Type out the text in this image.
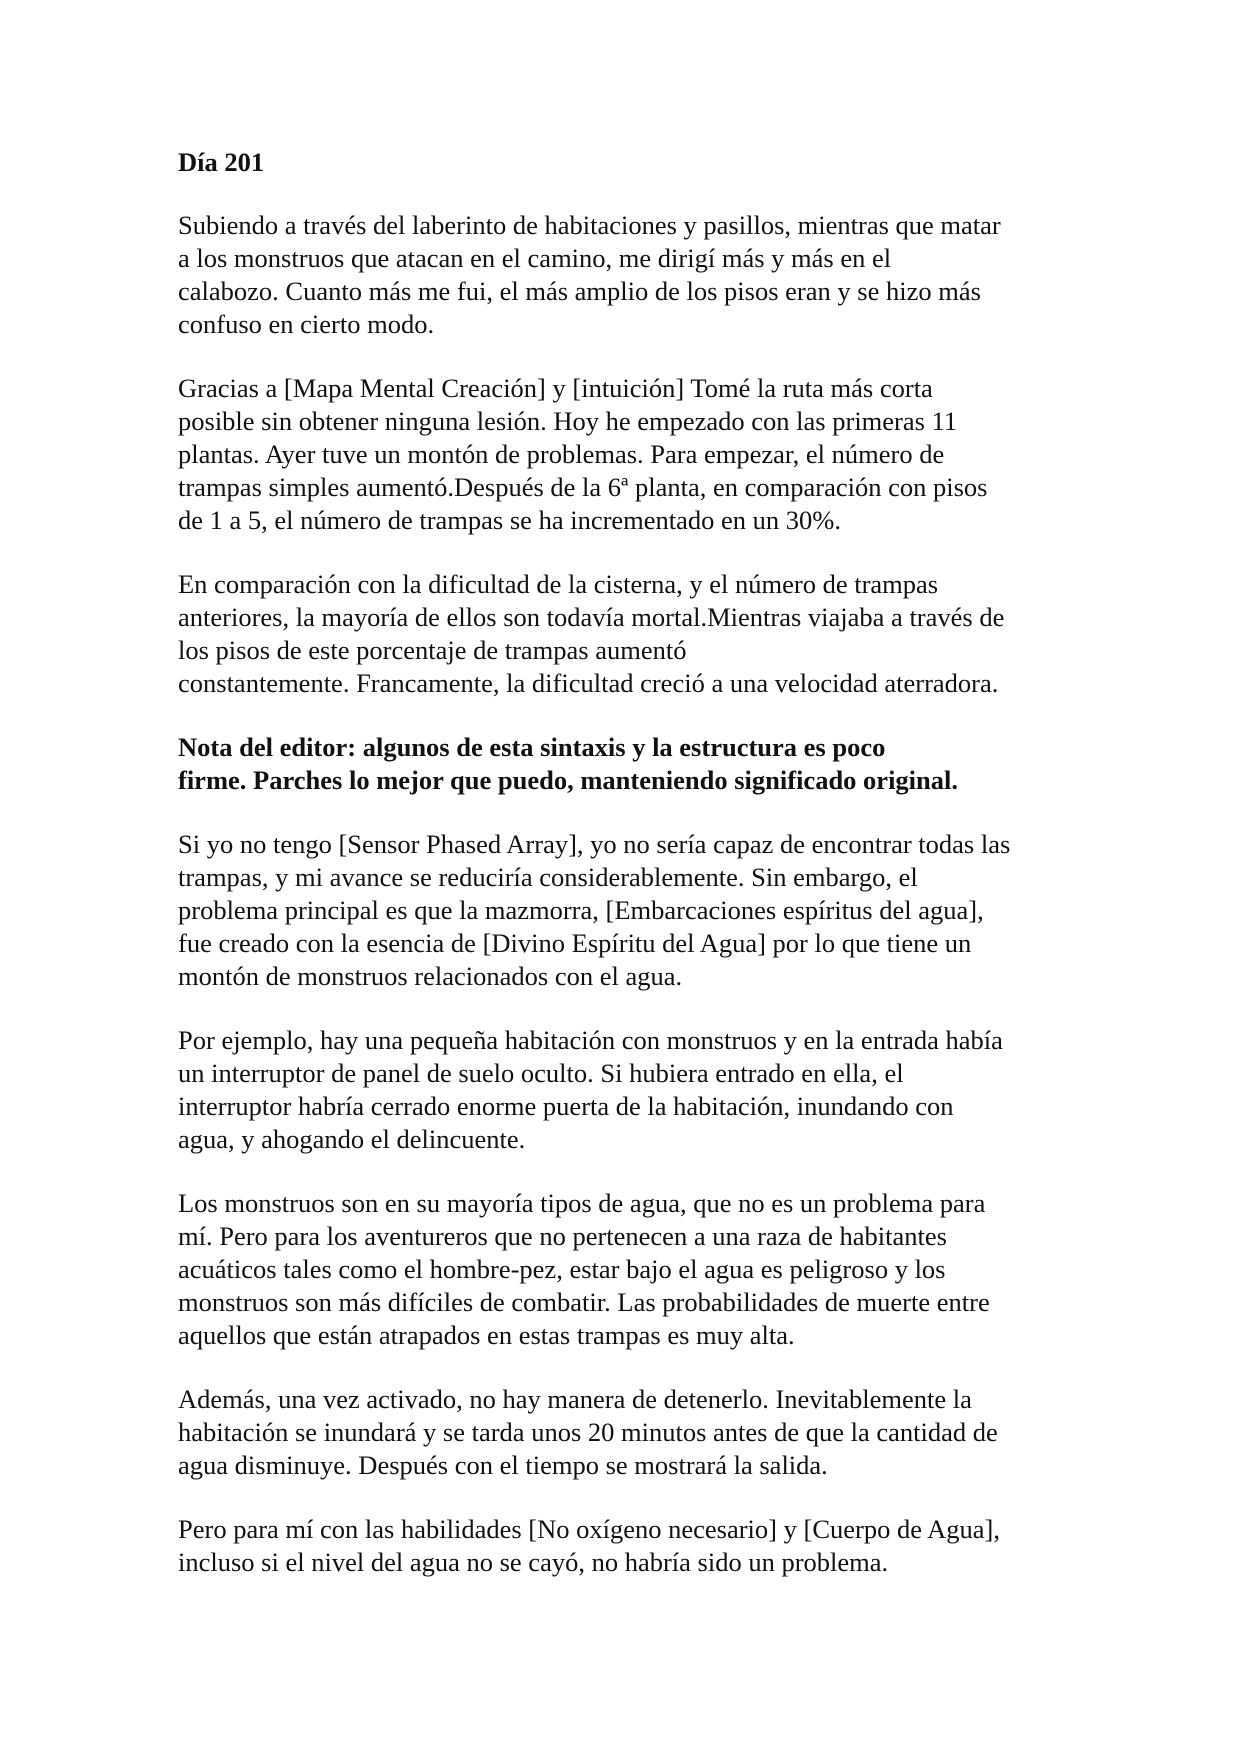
Día 201
Subiendo a través del laberinto de habitaciones y pasillos, mientras que matar
a los monstruos que atacan en el camino, me dirigí más y más en el
calabozo. Cuanto más me fui, el más amplio de los pisos eran y se hizo más
confuso en cierto modo.
Gracias a [Mapa Mental Creación] y [intuición] Tomé la ruta más corta
posible sin obtener ninguna lesión. Hoy he empezado con las primeras 11
plantas. Ayer tuve un montón de problemas. Para empezar, el número de
trampas simples aumentó.Después de la 6ª planta, en comparación con pisos
de 1 a 5, el número de trampas se ha incrementado en un 30%.
En comparación con la dificultad de la cisterna, y el número de trampas
anteriores, la mayoría de ellos son todavía mortal.Mientras viajaba a través de
los pisos de este porcentaje de trampas aumentó
constantemente. Francamente, la dificultad creció a una velocidad aterradora.
Nota del editor: algunos de esta sintaxis y la estructura es poco
firme. Parches lo mejor que puedo, manteniendo significado original.
Si yo no tengo [Sensor Phased Array], yo no sería capaz de encontrar todas las
trampas, y mi avance se reduciría considerablemente. Sin embargo, el
problema principal es que la mazmorra, [Embarcaciones espíritus del agua],
fue creado con la esencia de [Divino Espíritu del Agua] por lo que tiene un
montón de monstruos relacionados con el agua.
Por ejemplo, hay una pequeña habitación con monstruos y en la entrada había
un interruptor de panel de suelo oculto. Si hubiera entrado en ella, el
interruptor habría cerrado enorme puerta de la habitación, inundando con
agua, y ahogando el delincuente.
Los monstruos son en su mayoría tipos de agua, que no es un problema para
mí. Pero para los aventureros que no pertenecen a una raza de habitantes
acuáticos tales como el hombre-pez, estar bajo el agua es peligroso y los
monstruos son más difíciles de combatir. Las probabilidades de muerte entre
aquellos que están atrapados en estas trampas es muy alta.
Además, una vez activado, no hay manera de detenerlo. Inevitablemente la
habitación se inundará y se tarda unos 20 minutos antes de que la cantidad de
agua disminuye. Después con el tiempo se mostrará la salida.
Pero para mí con las habilidades [No oxígeno necesario] y [Cuerpo de Agua],
incluso si el nivel del agua no se cayó, no habría sido un problema.
